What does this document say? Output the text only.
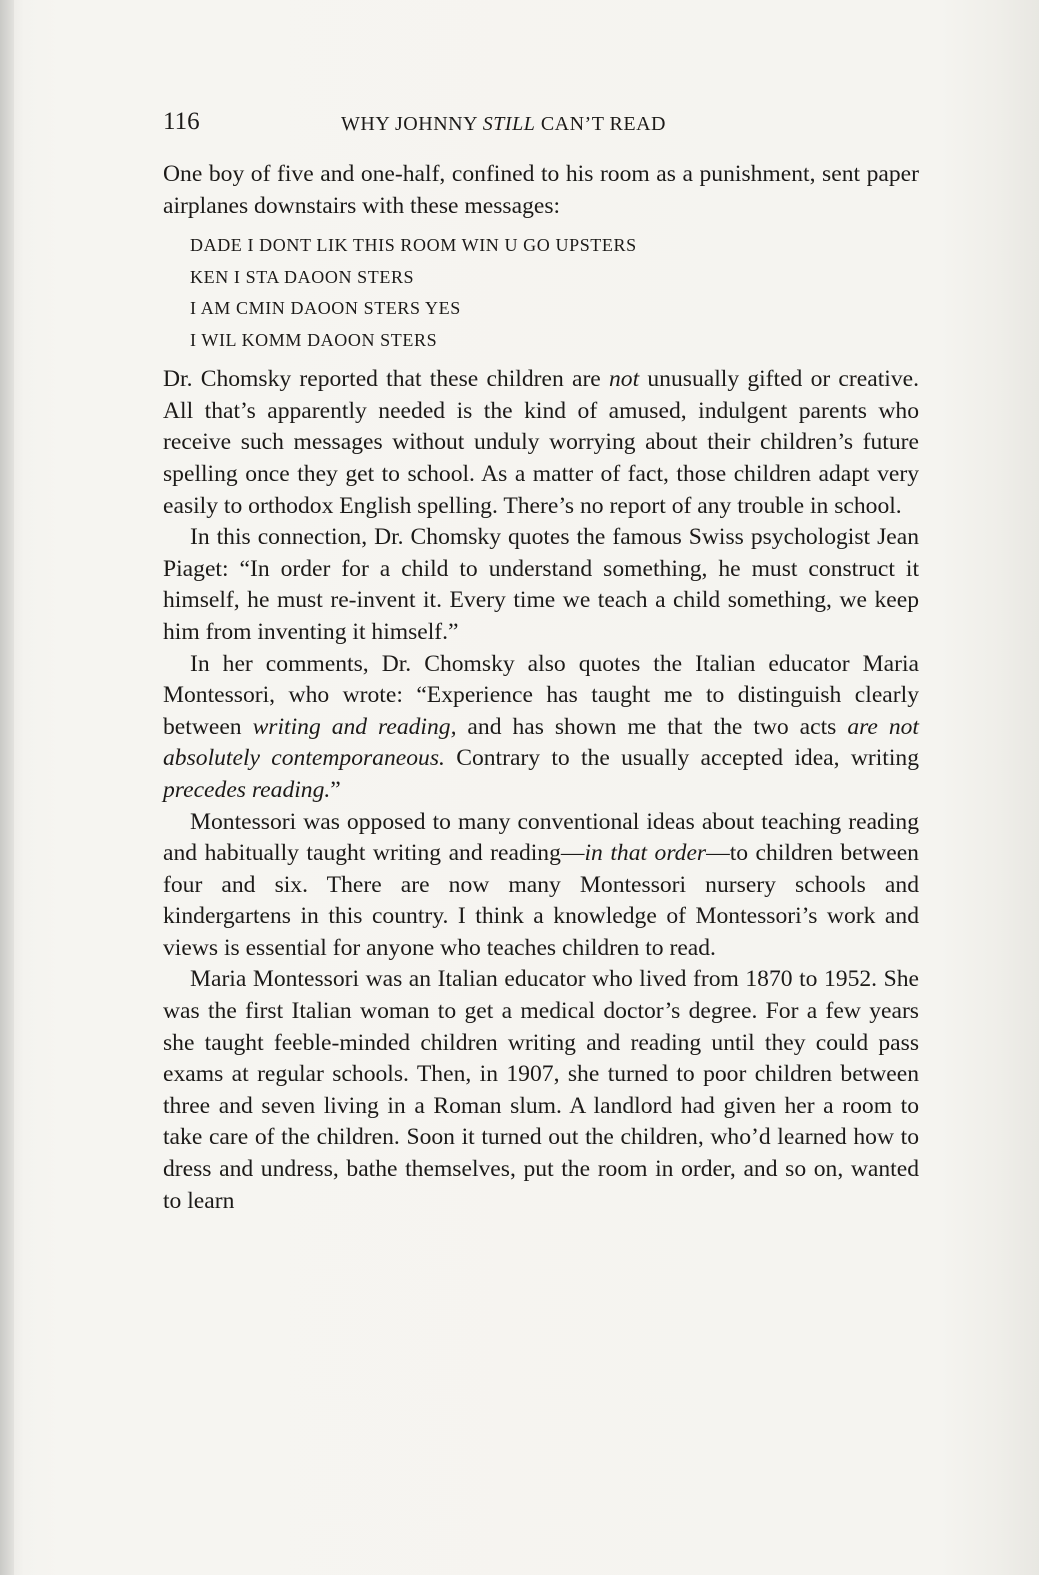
116	WHY JOHNNY STILL CAN’T READ

One boy of five and one-half, confined to his room as a punishment, sent paper airplanes downstairs with these messages:

DADE I DONT LIK THIS ROOM WIN U GO UPSTERS
KEN I STA DAOON STERS
I AM CMIN DAOON STERS YES
I WIL KOMM DAOON STERS

Dr. Chomsky reported that these children are not unusually gifted or creative. All that’s apparently needed is the kind of amused, indulgent parents who receive such messages without unduly worrying about their children’s future spelling once they get to school. As a matter of fact, those children adapt very easily to orthodox English spelling. There’s no report of any trouble in school.

In this connection, Dr. Chomsky quotes the famous Swiss psychologist Jean Piaget: “In order for a child to understand something, he must construct it himself, he must re-invent it. Every time we teach a child something, we keep him from inventing it himself.”

In her comments, Dr. Chomsky also quotes the Italian educator Maria Montessori, who wrote: “Experience has taught me to distinguish clearly between writing and reading, and has shown me that the two acts are not absolutely contemporaneous. Contrary to the usually accepted idea, writing precedes reading.”

Montessori was opposed to many conventional ideas about teaching reading and habitually taught writing and reading—in that order—to children between four and six. There are now many Montessori nursery schools and kindergartens in this country. I think a knowledge of Montessori’s work and views is essential for anyone who teaches children to read.

Maria Montessori was an Italian educator who lived from 1870 to 1952. She was the first Italian woman to get a medical doctor’s degree. For a few years she taught feeble-minded children writing and reading until they could pass exams at regular schools. Then, in 1907, she turned to poor children between three and seven living in a Roman slum. A landlord had given her a room to take care of the children. Soon it turned out the children, who’d learned how to dress and undress, bathe themselves, put the room in order, and so on, wanted to learn
